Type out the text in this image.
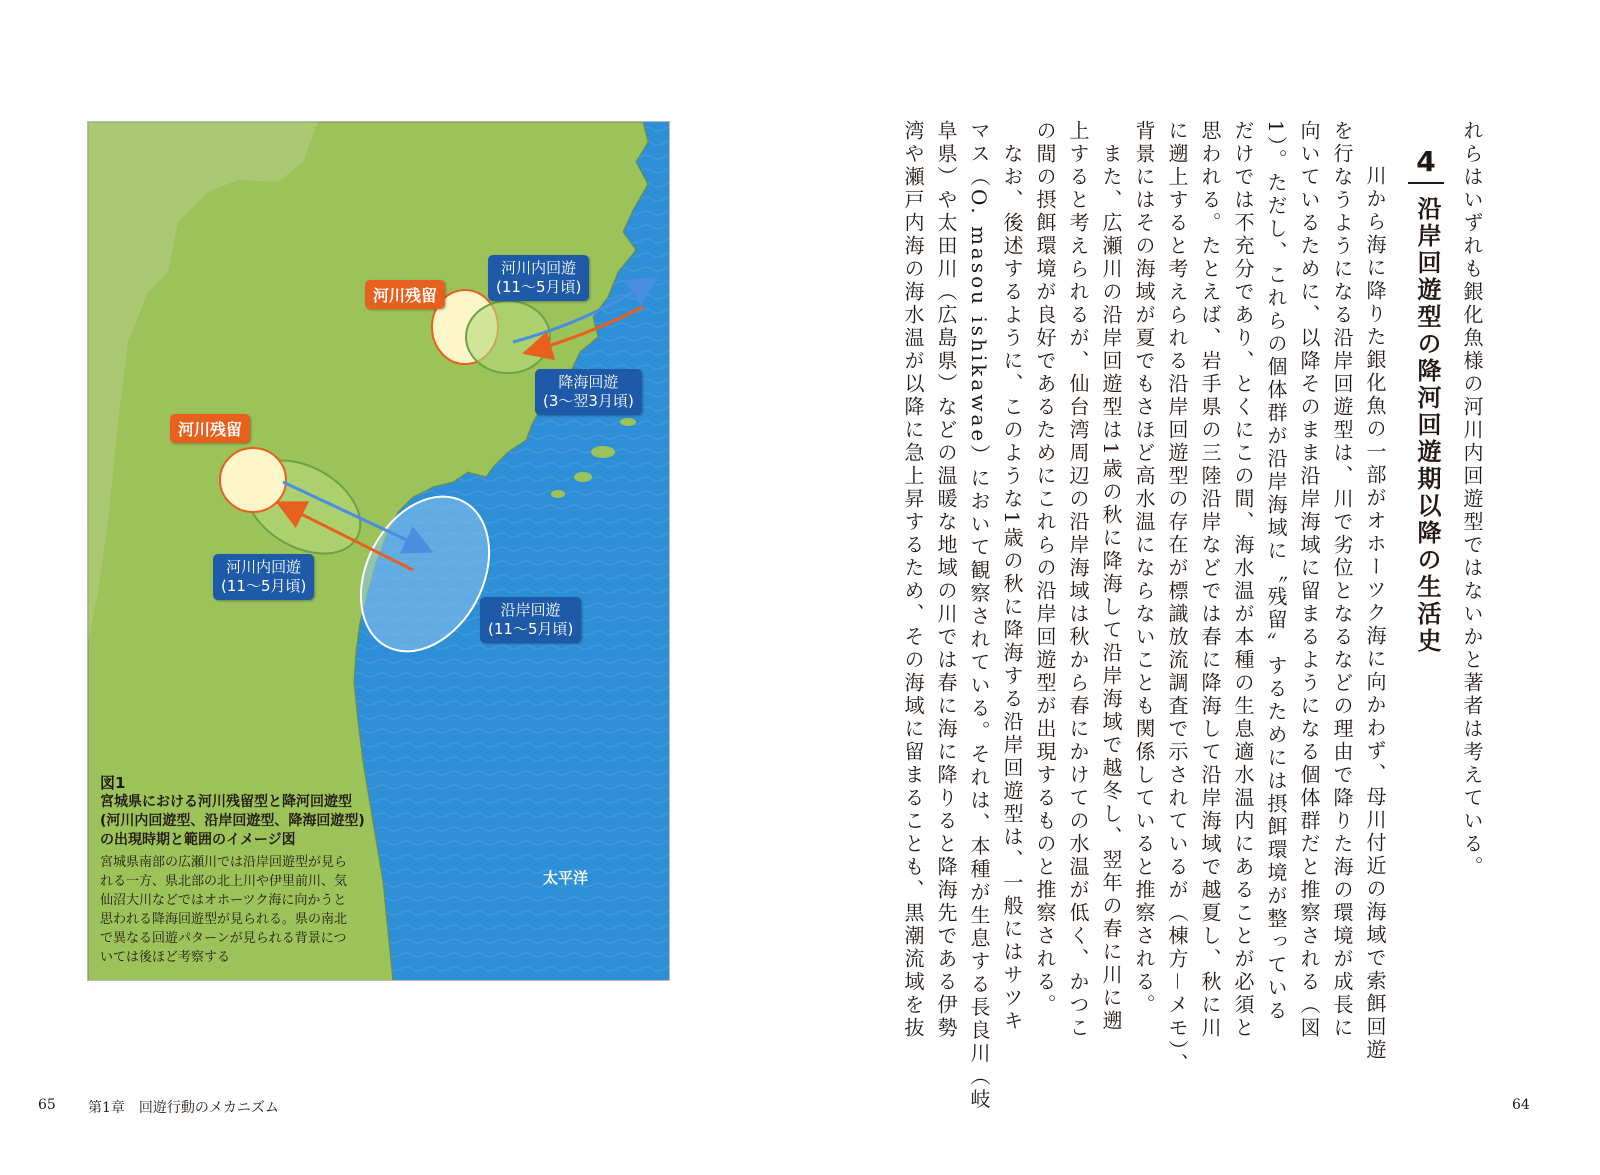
河川残留
河川内回遊
(11～5月頃)
降海回遊
(3～翌3月頃)
河川残留
河川内回遊
(11～5月頃)
沿岸回遊
(11～5月頃)
太平洋
図1
宮城県における河川残留型と降河回遊型
(河川内回遊型、沿岸回遊型、降海回遊型)
の出現時期と範囲のイメージ図
宮城県南部の広瀬川では沿岸回遊型が見ら
れる一方、県北部の北上川や伊里前川、気
仙沼大川などではオホーツク海に向かうと
思われる降海回遊型が見られる。県の南北
で異なる回遊パターンが見られる背景につ
いては後ほど考察する
れらはいずれも銀化魚様の河川内回遊型ではないかと著者は考えている。
4
沿岸回遊型の降河回遊期以降の生活史
　川から海に降りた銀化魚の一部がオホーツク海に向かわず、母川付近の海域で索餌回遊
を行なうようになる沿岸回遊型は、川で劣位となるなどの理由で降りた海の環境が成長に
向いているために、以降そのまま沿岸海域に留まるようになる個体群だと推察される（図
1）。ただし、これらの個体群が沿岸海域に〝残留〟するためには摂餌環境が整っている
だけでは不充分であり、とくにこの間、海水温が本種の生息適水温内にあることが必須と
思われる。たとえば、岩手県の三陸沿岸などでは春に降海して沿岸海域で越夏し、秋に川
に遡上すると考えられる沿岸回遊型の存在が標識放流調査で示されているが（棟方－メモ）、
背景にはその海域が夏でもさほど高水温にならないことも関係していると推察される。
　また、広瀬川の沿岸回遊型は1歳の秋に降海して沿岸海域で越冬し、翌年の春に川に遡
上すると考えられるが、仙台湾周辺の沿岸海域は秋から春にかけての水温が低く、かつこ
の間の摂餌環境が良好であるためにこれらの沿岸回遊型が出現するものと推察される。
　なお、後述するように、このような1歳の秋に降海する沿岸回遊型は、一般にはサツキ
マス（O. masou ishikawae）において観察されている。それは、本種が生息する長良川（岐
阜県）や太田川（広島県）などの温暖な地域の川では春に海に降りると降海先である伊勢
湾や瀬戸内海の海水温が以降に急上昇するため、その海域に留まることも、黒潮流域を抜
65 第1章　回遊行動のメカニズム	64
